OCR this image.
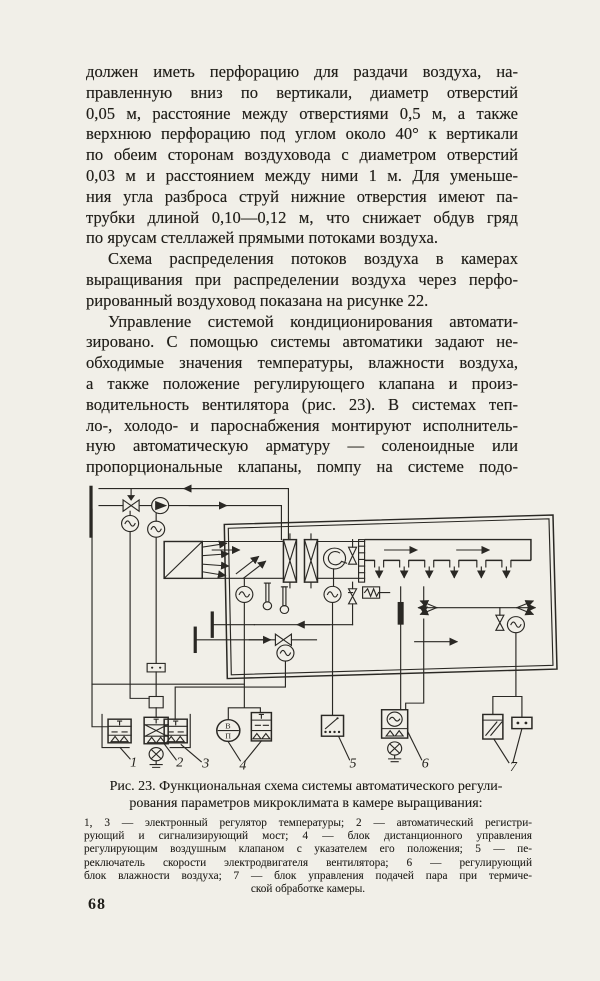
должен иметь перфорацию для раздачи воздуха, на-
правленную вниз по вертикали, диаметр отверстий
0,05 м, расстояние между отверстиями 0,5 м, а также
верхнюю перфорацию под углом около 40° к вертикали
по обеим сторонам воздуховода с диаметром отверстий
0,03 м и расстоянием между ними 1 м. Для уменьше-
ния угла разброса струй нижние отверстия имеют па-
трубки длиной 0,10—0,12 м, что снижает обдув гряд
по ярусам стеллажей прямыми потоками воздуха.
Схема распределения потоков воздуха в камерах
выращивания при распределении воздуха через перфо-
рированный воздуховод показана на рисунке 22.
Управление системой кондиционирования автомати-
зировано. С помощью системы автоматики задают не-
обходимые значения температуры, влажности воздуха,
а также положение регулирующего клапана и произ-
водительность вентилятора (рис. 23). В системах теп-
ло-, холодо- и пароснабжения монтируют исполнитель-
ную автоматическую арматуру — соленоидные или
пропорциональные клапаны, помпу на системе подо-
1	2 3
В
П
4	5	6	7
Рис. 23. Функциональная схема системы автоматического регули-
рования параметров микроклимата в камере выращивания:
1, 3 — электронный регулятор температуры; 2 — автоматический регистри-
рующий и сигнализирующий мост; 4 — блок дистанционного управления
регулирующим воздушным клапаном с указателем его положения; 5 — пе-
реключатель скорости электродвигателя вентилятора; 6 — регулирующий
блок влажности воздуха; 7 — блок управления подачей пара при термиче-
ской обработке камеры.
68
